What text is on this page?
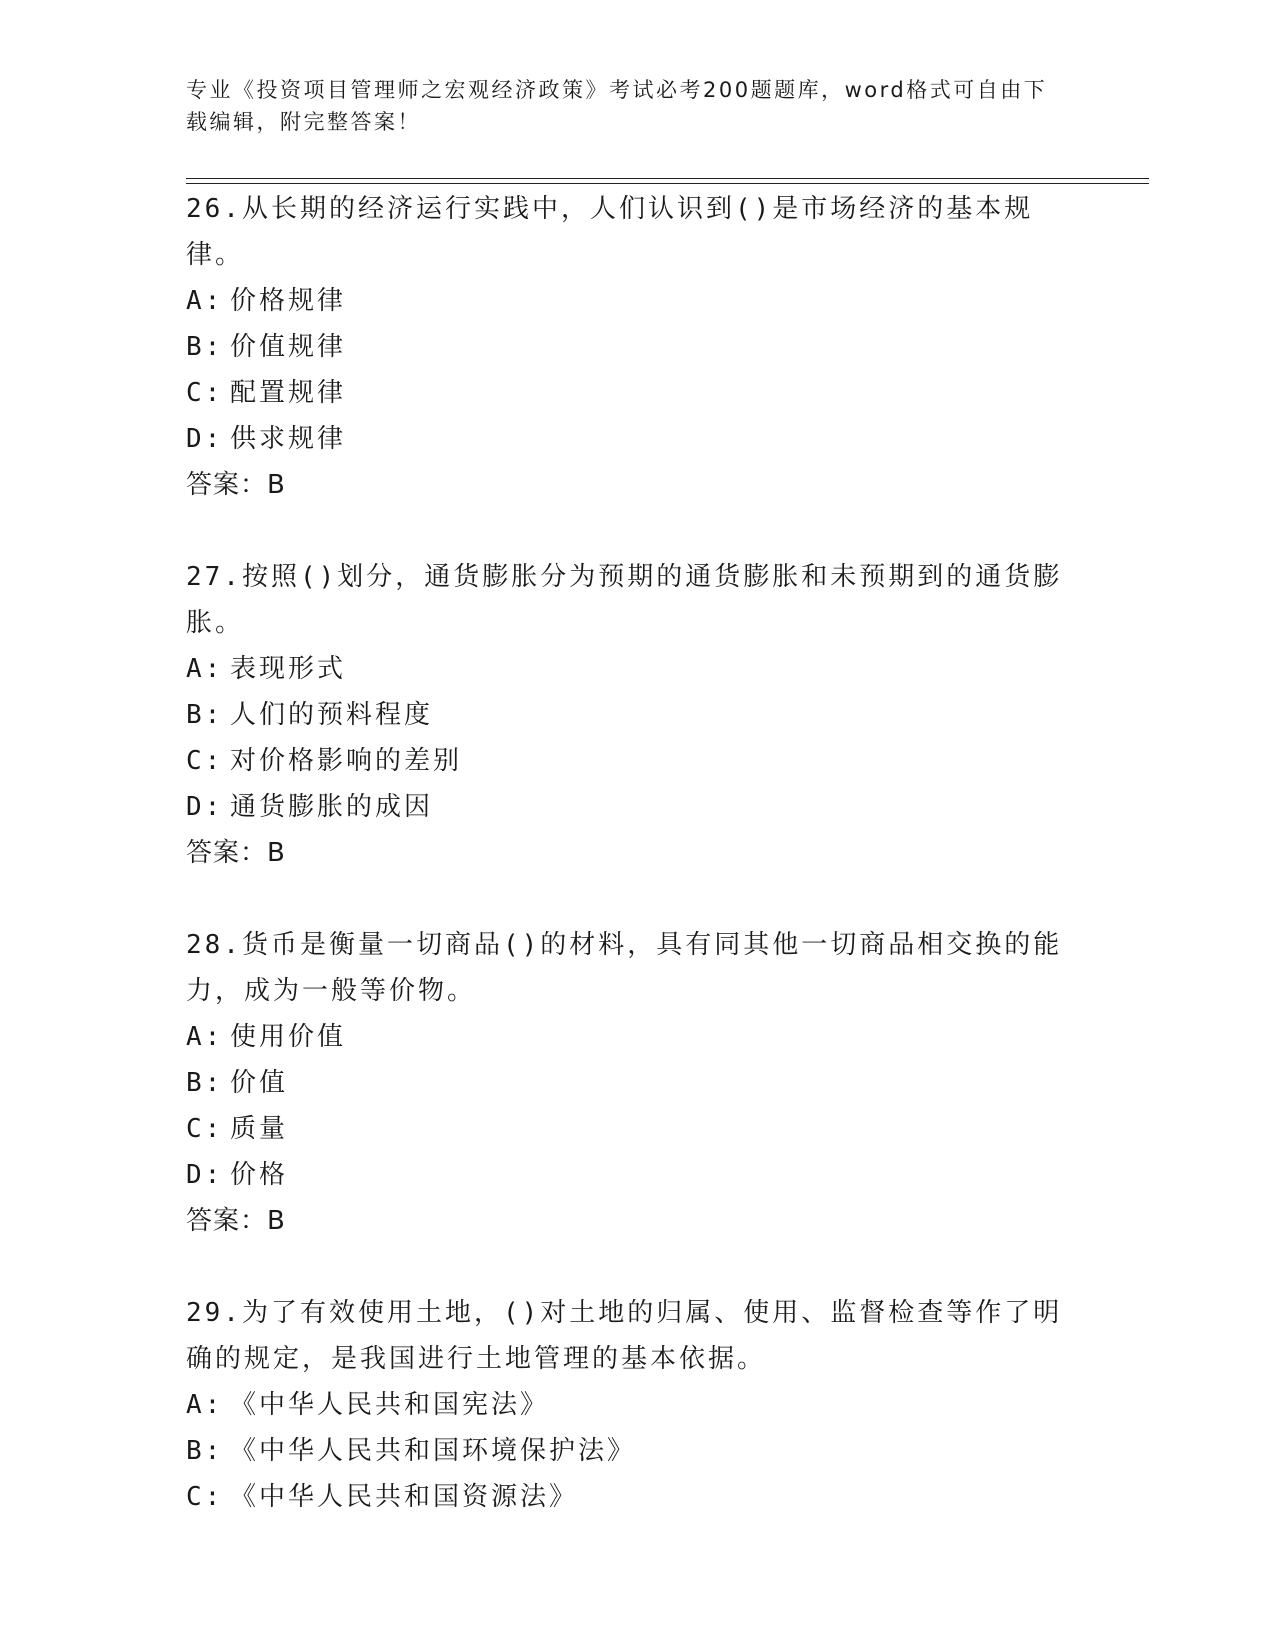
专业《投资项目管理师之宏观经济政策》考试必考200题题库，word格式可自由下载编辑，附完整答案！

26.从长期的经济运行实践中，人们认识到()是市场经济的基本规律。

A: 价格规律
B: 价值规律
C: 配置规律
D: 供求规律
答案：B

27.按照()划分，通货膨胀分为预期的通货膨胀和未预期到的通货膨胀。

A: 表现形式
B: 人们的预料程度
C: 对价格影响的差别
D: 通货膨胀的成因
答案：B

28.货币是衡量一切商品()的材料，具有同其他一切商品相交换的能力，成为一般等价物。

A: 使用价值
B: 价值
C: 质量
D: 价格
答案：B

29.为了有效使用土地，()对土地的归属、使用、监督检查等作了明确的规定，是我国进行土地管理的基本依据。

A: 《中华人民共和国宪法》
B: 《中华人民共和国环境保护法》
C: 《中华人民共和国资源法》
